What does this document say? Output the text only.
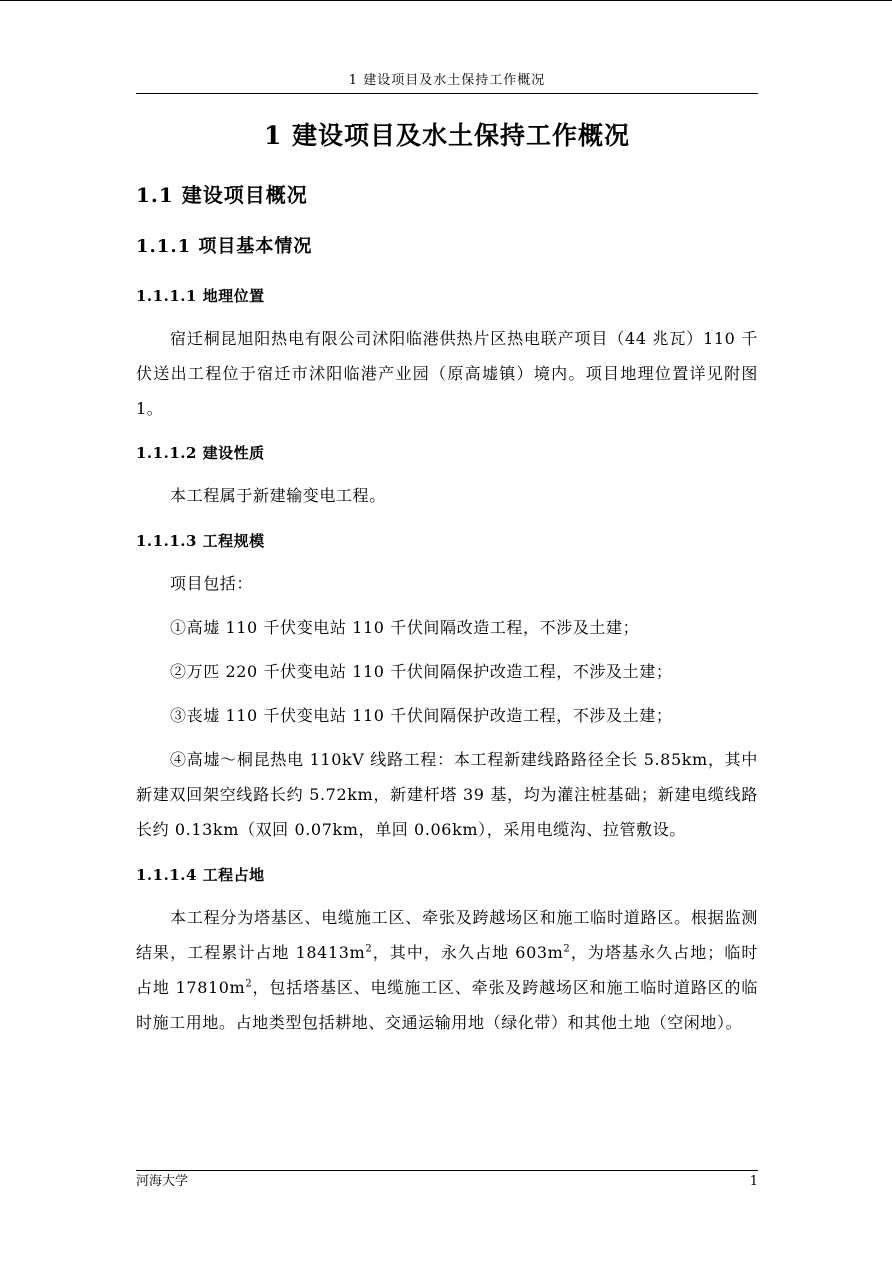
1 建设项目及水土保持工作概况
1 建设项目及水土保持工作概况
1.1 建设项目概况
1.1.1 项目基本情况
1.1.1.1 地理位置

宿迁桐昆旭阳热电有限公司沭阳临港供热片区热电联产项目（44 兆瓦）110 千伏送出工程位于宿迁市沭阳临港产业园（原高墟镇）境内。项目地理位置详见附图 1。

1.1.1.2 建设性质

本工程属于新建输变电工程。

1.1.1.3 工程规模

项目包括：

①高墟 110 千伏变电站 110 千伏间隔改造工程，不涉及土建；

②万匹 220 千伏变电站 110 千伏间隔保护改造工程，不涉及土建；

③丧墟 110 千伏变电站 110 千伏间隔保护改造工程，不涉及土建；

④高墟～桐昆热电 110kV 线路工程：本工程新建线路路径全长 5.85km，其中新建双回架空线路长约 5.72km，新建杆塔 39 基，均为灌注桩基础；新建电缆线路长约 0.13km（双回 0.07km，单回 0.06km），采用电缆沟、拉管敷设。

1.1.1.4 工程占地

本工程分为塔基区、电缆施工区、牵张及跨越场区和施工临时道路区。根据监测结果，工程累计占地 $18413m^2$，其中，永久占地 $603m^2$，为塔基永久占地；临时占地 $17810m^2$，包括塔基区、电缆施工区、牵张及跨越场区和施工临时道路区的临时施工用地。占地类型包括耕地、交通运输用地（绿化带）和其他土地（空闲地）。

河海大学	1
